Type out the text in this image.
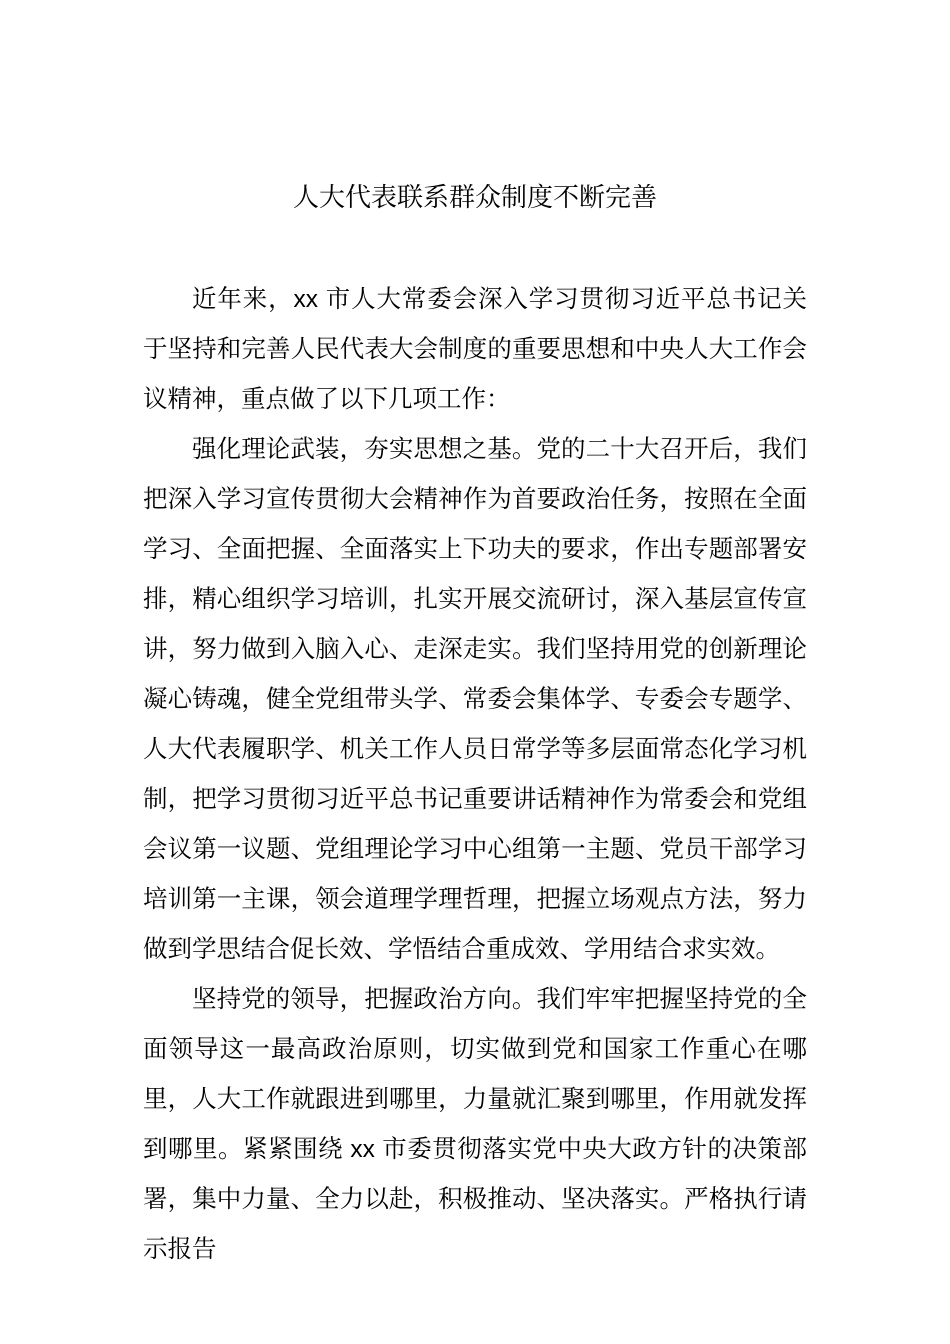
人大代表联系群众制度不断完善

近年来，xx 市人大常委会深入学习贯彻习近平总书记关于坚持和完善人民代表大会制度的重要思想和中央人大工作会议精神，重点做了以下几项工作：

强化理论武装，夯实思想之基。党的二十大召开后，我们把深入学习宣传贯彻大会精神作为首要政治任务，按照在全面学习、全面把握、全面落实上下功夫的要求，作出专题部署安排，精心组织学习培训，扎实开展交流研讨，深入基层宣传宣讲，努力做到入脑入心、走深走实。我们坚持用党的创新理论凝心铸魂，健全党组带头学、常委会集体学、专委会专题学、人大代表履职学、机关工作人员日常学等多层面常态化学习机制，把学习贯彻习近平总书记重要讲话精神作为常委会和党组会议第一议题、党组理论学习中心组第一主题、党员干部学习培训第一主课，领会道理学理哲理，把握立场观点方法，努力做到学思结合促长效、学悟结合重成效、学用结合求实效。

坚持党的领导，把握政治方向。我们牢牢把握坚持党的全面领导这一最高政治原则，切实做到党和国家工作重心在哪里，人大工作就跟进到哪里，力量就汇聚到哪里，作用就发挥到哪里。紧紧围绕 xx 市委贯彻落实党中央大政方针的决策部署，集中力量、全力以赴，积极推动、坚决落实。严格执行请示报告
